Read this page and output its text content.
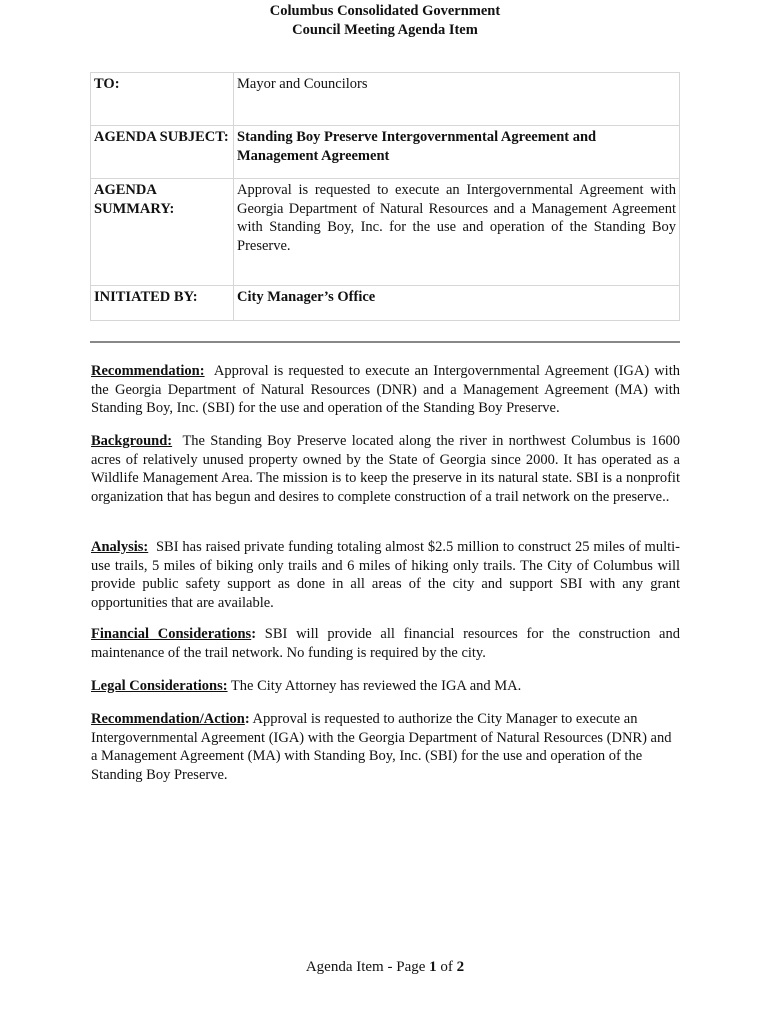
Columbus Consolidated Government
Council Meeting Agenda Item
TO:	Mayor and Councilors
AGENDA SUBJECT:	Standing Boy Preserve Intergovernmental Agreement and Management Agreement
AGENDA SUMMARY:	Approval is requested to execute an Intergovernmental Agreement with Georgia Department of Natural Resources and a Management Agreement with Standing Boy, Inc. for the use and operation of the Standing Boy Preserve.
INITIATED BY:	City Manager’s Office

Recommendation: Approval is requested to execute an Intergovernmental Agreement (IGA) with the Georgia Department of Natural Resources (DNR) and a Management Agreement (MA) with Standing Boy, Inc. (SBI) for the use and operation of the Standing Boy Preserve.

Background: The Standing Boy Preserve located along the river in northwest Columbus is 1600 acres of relatively unused property owned by the State of Georgia since 2000. It has operated as a Wildlife Management Area. The mission is to keep the preserve in its natural state. SBI is a nonprofit organization that has begun and desires to complete construction of a trail network on the preserve..

Analysis: SBI has raised private funding totaling almost $2.5 million to construct 25 miles of multi-use trails, 5 miles of biking only trails and 6 miles of hiking only trails. The City of Columbus will provide public safety support as done in all areas of the city and support SBI with any grant opportunities that are available.

Financial Considerations: SBI will provide all financial resources for the construction and maintenance of the trail network. No funding is required by the city.

Legal Considerations: The City Attorney has reviewed the IGA and MA.

Recommendation/Action: Approval is requested to authorize the City Manager to execute an Intergovernmental Agreement (IGA) with the Georgia Department of Natural Resources (DNR) and a Management Agreement (MA) with Standing Boy, Inc. (SBI) for the use and operation of the Standing Boy Preserve.

Agenda Item - Page 1 of 2
